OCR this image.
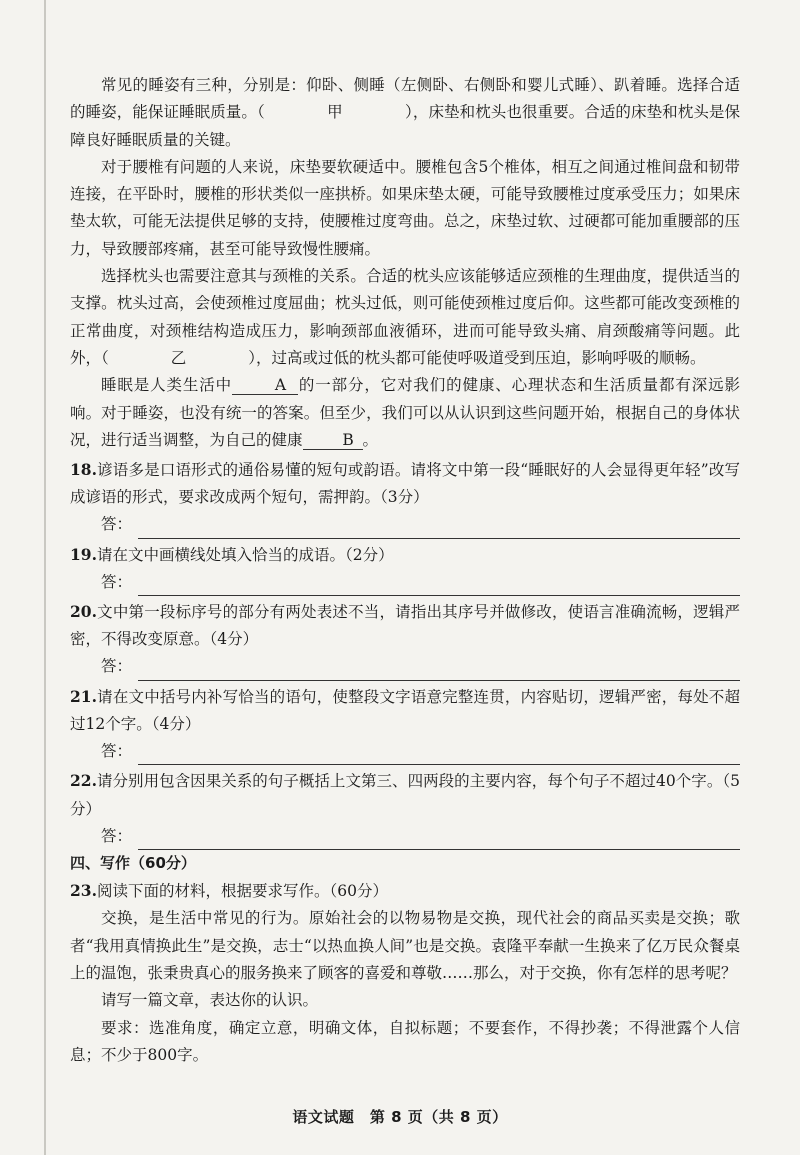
常见的睡姿有三种，分别是：仰卧、侧睡（左侧卧、右侧卧和婴儿式睡）、趴着睡。选择合适的睡姿，能保证睡眠质量。（　　　　甲　　　　），床垫和枕头也很重要。合适的床垫和枕头是保障良好睡眠质量的关键。

对于腰椎有问题的人来说，床垫要软硬适中。腰椎包含5个椎体，相互之间通过椎间盘和韧带连接，在平卧时，腰椎的形状类似一座拱桥。如果床垫太硬，可能导致腰椎过度承受压力；如果床垫太软，可能无法提供足够的支持，使腰椎过度弯曲。总之，床垫过软、过硬都可能加重腰部的压力，导致腰部疼痛，甚至可能导致慢性腰痛。

选择枕头也需要注意其与颈椎的关系。合适的枕头应该能够适应颈椎的生理曲度，提供适当的支撑。枕头过高，会使颈椎过度屈曲；枕头过低，则可能使颈椎过度后仰。这些都可能改变颈椎的正常曲度，对颈椎结构造成压力，影响颈部血液循环，进而可能导致头痛、肩颈酸痛等问题。此外，（　　　　乙　　　　），过高或过低的枕头都可能使呼吸道受到压迫，影响呼吸的顺畅。

睡眠是人类生活中	A 的一部分，它对我们的健康、心理状态和生活质量都有深远影响。对于睡姿，也没有统一的答案。但至少，我们可以从认识到这些问题开始，根据自己的身体状况，进行适当调整，为自己的健康	B 。

18.谚语多是口语形式的通俗易懂的短句或韵语。请将文中第一段“睡眠好的人会显得更年轻”改写成谚语的形式，要求改成两个短句，需押韵。（3分）

答：

19.请在文中画横线处填入恰当的成语。（2分）

答：

20.文中第一段标序号的部分有两处表述不当，请指出其序号并做修改，使语言准确流畅，逻辑严密，不得改变原意。（4分）

答：

21.请在文中括号内补写恰当的语句，使整段文字语意完整连贯，内容贴切，逻辑严密，每处不超过12个字。（4分）

答：

22.请分别用包含因果关系的句子概括上文第三、四两段的主要内容，每个句子不超过40个字。（5分）

答：

四、写作（60分）

23.阅读下面的材料，根据要求写作。（60分）

交换，是生活中常见的行为。原始社会的以物易物是交换，现代社会的商品买卖是交换；歌者“我用真情换此生”是交换，志士“以热血换人间”也是交换。袁隆平奉献一生换来了亿万民众餐桌上的温饱，张秉贵真心的服务换来了顾客的喜爱和尊敬……那么，对于交换，你有怎样的思考呢？

请写一篇文章，表达你的认识。

要求：选准角度，确定立意，明确文体，自拟标题；不要套作，不得抄袭；不得泄露个人信息；不少于800字。

语文试题　第 8 页（共 8 页）
